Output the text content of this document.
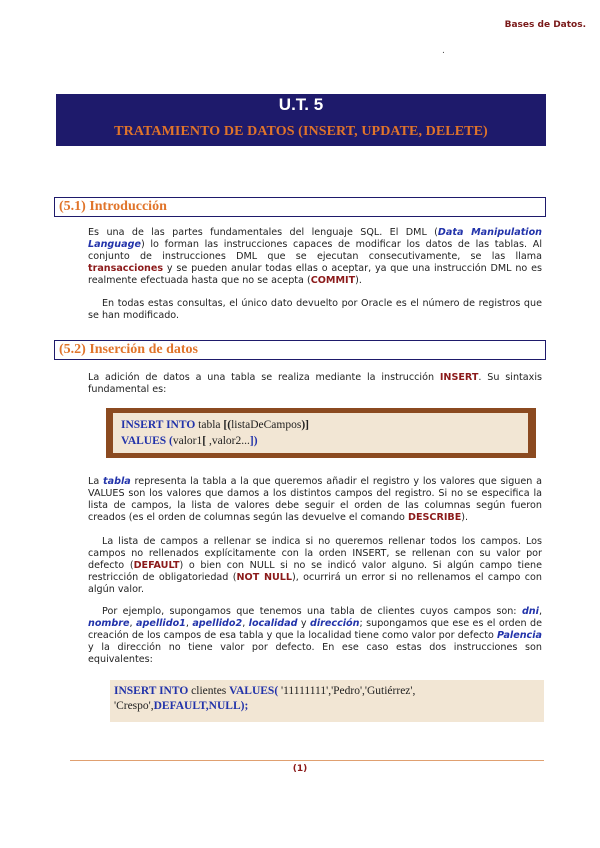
Bases de Datos.
.
U.T. 5
TRATAMIENTO DE DATOS (INSERT, UPDATE, DELETE)
(5.1) Introducción
Es una de las partes fundamentales del lenguaje SQL. El DML (Data Manipulation Language) lo forman las instrucciones capaces de modificar los datos de las tablas. Al conjunto de instrucciones DML que se ejecutan consecutivamente, se las llama transacciones y se pueden anular todas ellas o aceptar, ya que una instrucción DML no es realmente efectuada hasta que no se acepta (COMMIT).
En todas estas consultas, el único dato devuelto por Oracle es el número de registros que se han modificado.
(5.2) Inserción de datos
La adición de datos a una tabla se realiza mediante la instrucción INSERT. Su sintaxis fundamental es:
INSERT INTO tabla [(listaDeCampos)]
VALUES (valor1[ ,valor2...])
La tabla representa la tabla a la que queremos añadir el registro y los valores que siguen a VALUES son los valores que damos a los distintos campos del registro. Si no se especifica la lista de campos, la lista de valores debe seguir el orden de las columnas según fueron creados (es el orden de columnas según las devuelve el comando DESCRIBE).
La lista de campos a rellenar se indica si no queremos rellenar todos los campos. Los campos no rellenados explícitamente con la orden INSERT, se rellenan con su valor por defecto (DEFAULT) o bien con NULL si no se indicó valor alguno. Si algún campo tiene restricción de obligatoriedad (NOT NULL), ocurrirá un error si no rellenamos el campo con algún valor.
Por ejemplo, supongamos que tenemos una tabla de clientes cuyos campos son: dni, nombre, apellido1, apellido2, localidad y dirección; supongamos que ese es el orden de creación de los campos de esa tabla y que la localidad tiene como valor por defecto Palencia y la dirección no tiene valor por defecto. En ese caso estas dos instrucciones son equivalentes:
INSERT INTO clientes VALUES( '11111111','Pedro','Gutiérrez',
'Crespo',DEFAULT,NULL);
(1)
